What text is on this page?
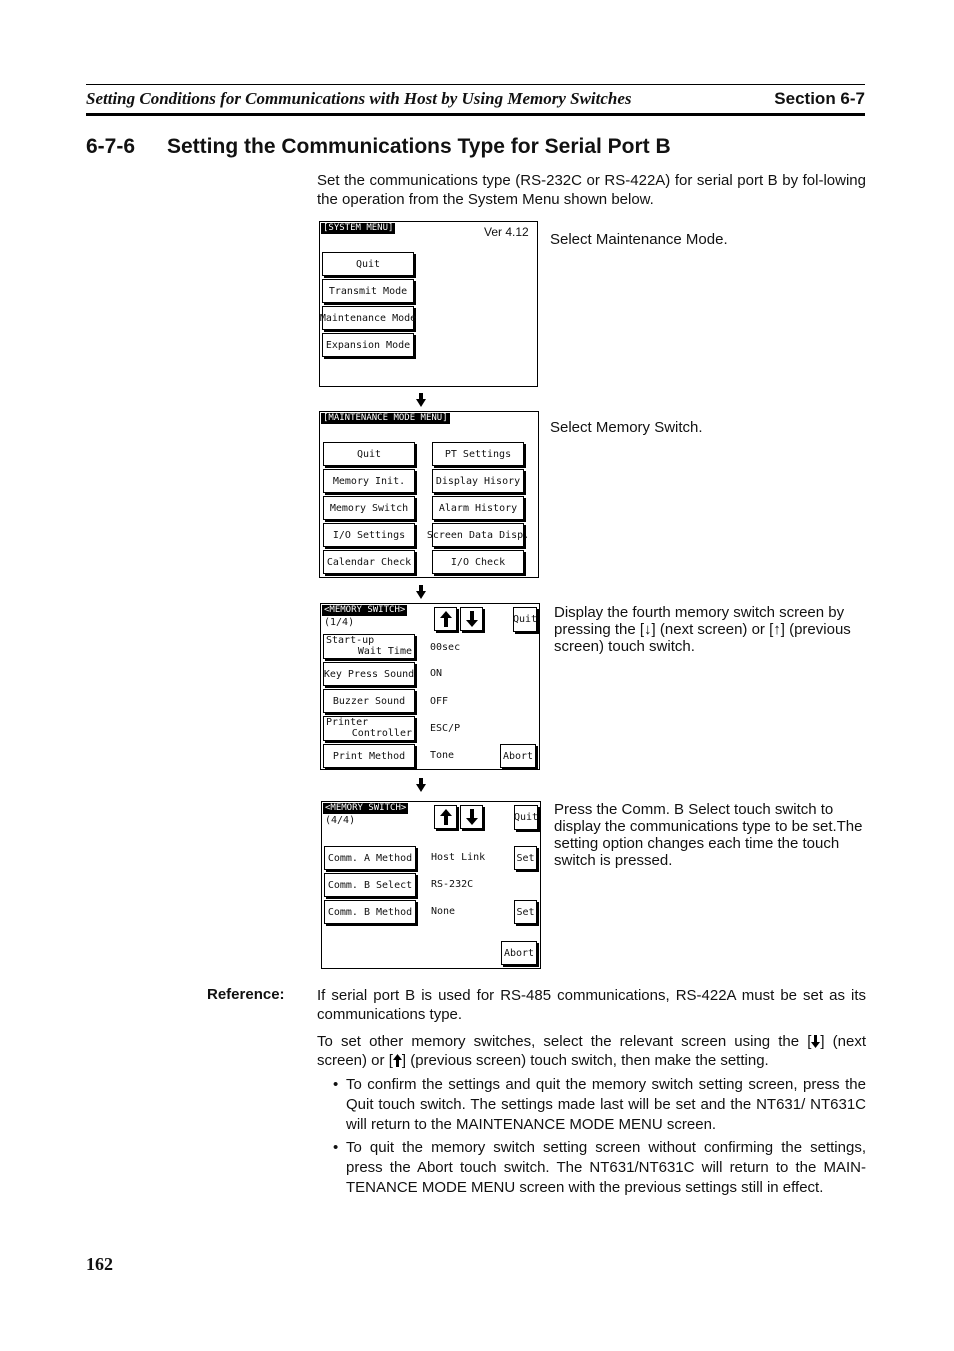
Setting Conditions for Communications with Host by Using Memory Switches	Section 6-7
6-7-6 Setting the Communications Type for Serial Port B
Set the communications type (RS-232C or RS-422A) for serial port B by fol-lowing the operation from the System Menu shown below.
[SYSTEM MENU]	Ver 4.12
Quit
Transmit Mode
Maintenance Mode
Expansion Mode
Select Maintenance Mode.
[MAINTENANCE MODE MENU]
Quit
Memory Init.
Memory Switch
I/O Settings
Calendar Check
PT Settings
Display Hisory
Alarm History
Screen Data Disp.
I/O Check
Select Memory Switch.
<MEMORY SWITCH>
(1/4)	Quit
Start-up
Wait Time 00sec
Key Press Sound ON
Buzzer Sound	OFF
Printer
Controller ESC/P
Print Method	Tone	Abort
Display the fourth memory switch screen by pressing the [↓] (next screen) or [↑] (previous screen) touch switch.
<MEMORY SWITCH>
(4/4)	Quit
Comm. A Method	Host Link	Set
Comm. B Select	RS-232C
Comm. B Method	None	Set
Abort
Press the Comm. B Select touch switch to display the communications type to be set.The setting option changes each time the touch switch is pressed.
Reference: If serial port B is used for RS-485 communications, RS-422A must be set as its communications type.
To set other memory switches, select the relevant screen using the [ ] (next screen) or [ ] (previous screen) touch switch, then make the setting.
• To confirm the settings and quit the memory switch setting screen, press the Quit touch switch. The settings made last will be set and the NT631/ NT631C will return to the MAINTENANCE MODE MENU screen.
• To quit the memory switch setting screen without confirming the settings, press the Abort touch switch. The NT631/NT631C will return to the MAIN-TENANCE MODE MENU screen with the previous settings still in effect.
162
